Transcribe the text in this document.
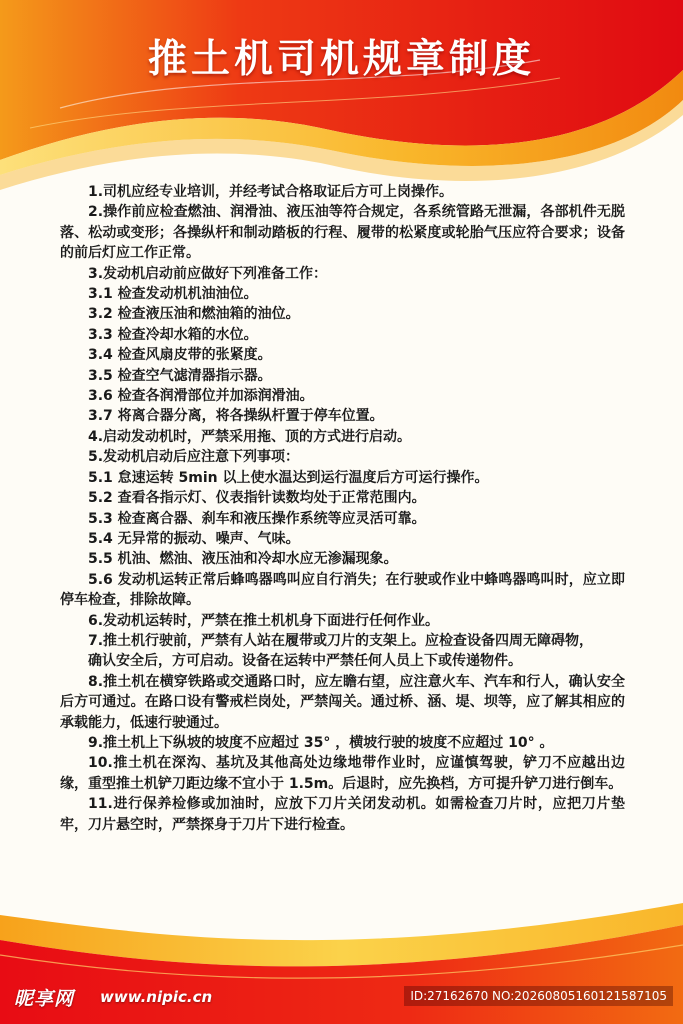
推土机司机规章制度
1.司机应经专业培训，并经考试合格取证后方可上岗操作。
2.操作前应检查燃油、润滑油、液压油等符合规定，各系统管路无泄漏，各部机件无脱落、松动或变形；各操纵杆和制动踏板的行程、履带的松紧度或轮胎气压应符合要求；设备的前后灯应工作正常。
3.发动机启动前应做好下列准备工作：
3.1 检查发动机机油油位。
3.2 检查液压油和燃油箱的油位。
3.3 检查冷却水箱的水位。
3.4 检查风扇皮带的张紧度。
3.5 检查空气滤清器指示器。
3.6 检查各润滑部位并加添润滑油。
3.7 将离合器分离，将各操纵杆置于停车位置。
4.启动发动机时，严禁采用拖、顶的方式进行启动。
5.发动机启动后应注意下列事项：
5.1 怠速运转 5min 以上使水温达到运行温度后方可运行操作。
5.2 查看各指示灯、仪表指针读数均处于正常范围内。
5.3 检查离合器、刹车和液压操作系统等应灵活可靠。
5.4 无异常的振动、噪声、气味。
5.5 机油、燃油、液压油和冷却水应无渗漏现象。
5.6 发动机运转正常后蜂鸣器鸣叫应自行消失；在行驶或作业中蜂鸣器鸣叫时，应立即停车检查，排除故障。
6.发动机运转时，严禁在推土机机身下面进行任何作业。
7.推土机行驶前，严禁有人站在履带或刀片的支架上。应检查设备四周无障碍物，
确认安全后，方可启动。设备在运转中严禁任何人员上下或传递物件。
8.推土机在横穿铁路或交通路口时，应左瞻右望，应注意火车、汽车和行人，确认安全后方可通过。在路口设有警戒栏岗处，严禁闯关。通过桥、涵、堤、坝等，应了解其相应的承载能力，低速行驶通过。
9.推土机上下纵坡的坡度不应超过 35° ，横坡行驶的坡度不应超过 10° 。
10.推土机在深沟、基坑及其他高处边缘地带作业时，应谨慎驾驶，铲刀不应越出边缘，重型推土机铲刀距边缘不宜小于 1.5m。后退时，应先换档，方可提升铲刀进行倒车。
11.进行保养检修或加油时，应放下刀片关闭发动机。如需检查刀片时，应把刀片垫牢，刀片悬空时，严禁探身于刀片下进行检查。
昵享网 www.nipic.cn	ID:27162670 NO:20260805160121587105
